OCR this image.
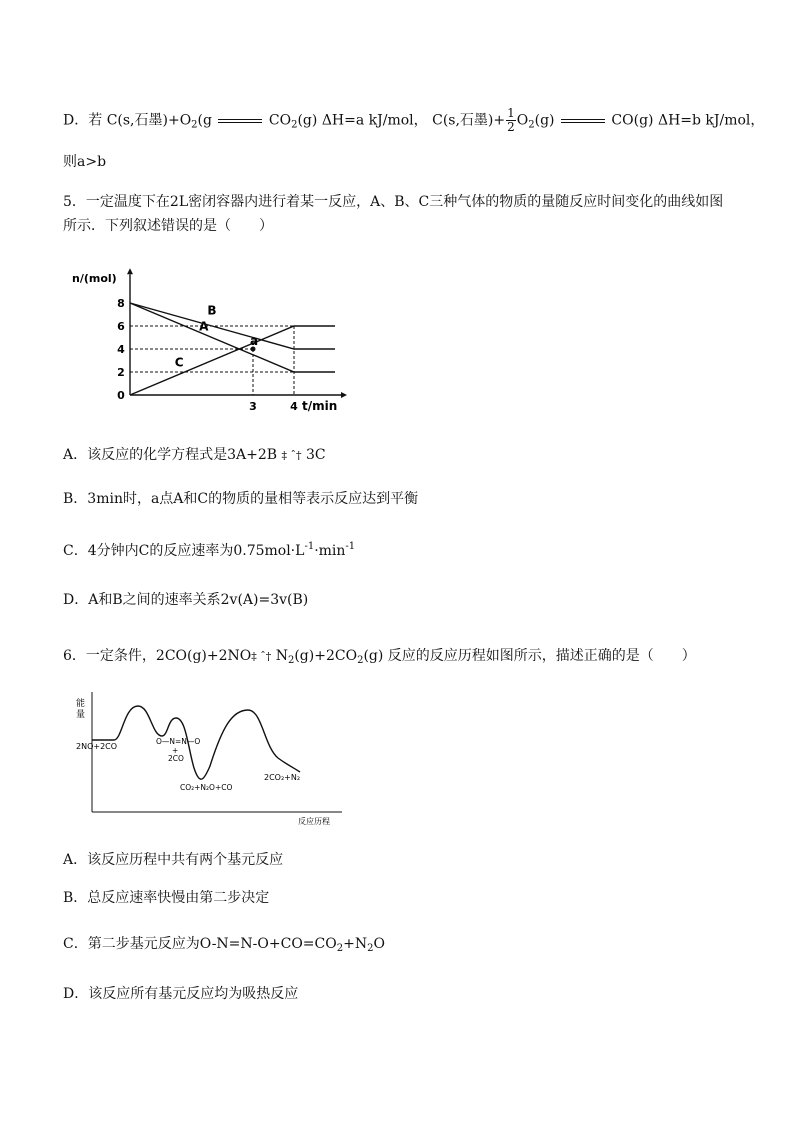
D．若 C(s,石墨)$+O_2(g$	$CO_2(g)$ ΔH=a kJ/mol， C(s,石墨)+ $\frac{1}{2} O_2(g)$	CO(g) ΔH=b kJ/mol，
则a>b
5．一定温度下在2L密闭容器内进行着某一反应，A、B、C三种气体的物质的量随反应时间变化的曲线如图
所示．下列叙述错误的是（　　）
n/(mol)
t/min
0
2
4
6
8
3	4
A
B
C
a
A．该反应的化学方程式是3A+2B ‡ ˆ† 3C
B．3min时，a点A和C的物质的量相等表示反应达到平衡
C．4分钟内C的反应速率为$0.75mol\cdot L^{-1}\cdot\min^{-1}$
D．A和B之间的速率关系2v(A)=3v(B)
6．一定条件，2CO(g)+2NO‡ ˆ† $N_2(g)+2CO_2(g)$ 反应的反应历程如图所示，描述正确的是（　　）
能
量
2NO+2CO
O—N=N—O
+
2CO
CO₂+N₂O+CO
2CO₂+N₂
反应历程
A．该反应历程中共有两个基元反应
B．总反应速率快慢由第二步决定
C．第二步基元反应为$O-N=N-O+CO=CO_2+N_2O$
D．该反应所有基元反应均为吸热反应
